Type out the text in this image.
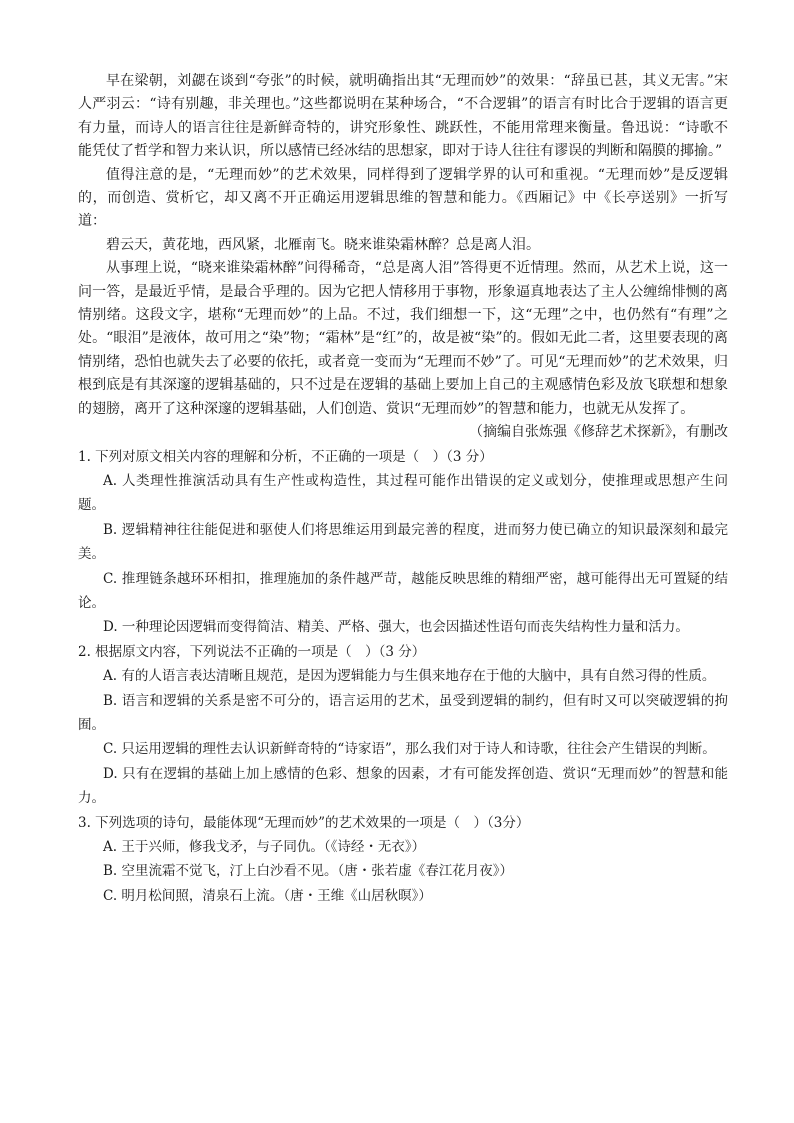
早在梁朝，刘勰在谈到“夸张”的时候，就明确指出其“无理而妙”的效果：“辞虽已甚，其义无害。”宋人严羽云：“诗有别趣，非关理也。”这些都说明在某种场合，“不合逻辑”的语言有时比合于逻辑的语言更有力量，而诗人的语言往往是新鲜奇特的，讲究形象性、跳跃性，不能用常理来衡量。鲁迅说：“诗歌不能凭仗了哲学和智力来认识，所以感情已经冰结的思想家，即对于诗人往往有谬误的判断和隔膜的揶揄。”

值得注意的是，“无理而妙”的艺术效果，同样得到了逻辑学界的认可和重视。“无理而妙”是反逻辑的，而创造、赏析它，却又离不开正确运用逻辑思维的智慧和能力。《西厢记》中《长亭送别》一折写道：

碧云天，黄花地，西风紧，北雁南飞。晓来谁染霜林醉？总是离人泪。

从事理上说，“晓来谁染霜林醉”问得稀奇，“总是离人泪”答得更不近情理。然而，从艺术上说，这一问一答，是最近乎情，是最合乎理的。因为它把人情移用于事物，形象逼真地表达了主人公缠绵悱恻的离情别绪。这段文字，堪称“无理而妙”的上品。不过，我们细想一下，这“无理”之中，也仍然有“有理”之处。“眼泪”是液体，故可用之“染”物；“霜林”是“红”的，故是被“染”的。假如无此二者，这里要表现的离情别绪，恐怕也就失去了必要的依托，或者竟一变而为“无理而不妙”了。可见“无理而妙”的艺术效果，归根到底是有其深邃的逻辑基础的，只不过是在逻辑的基础上要加上自己的主观感情色彩及放飞联想和想象的翅膀，离开了这种深邃的逻辑基础，人们创造、赏识“无理而妙”的智慧和能力，也就无从发挥了。

（摘编自张炼强《修辞艺术探新》，有删改

1. 下列对原文相关内容的理解和分析，不正确的一项是（　）（3 分）

A. 人类理性推演活动具有生产性或构造性，其过程可能作出错误的定义或划分，使推理或思想产生问题。

B. 逻辑精神往往能促进和驱使人们将思维运用到最完善的程度，进而努力使已确立的知识最深刻和最完美。

C. 推理链条越环环相扣，推理施加的条件越严苛，越能反映思维的精细严密，越可能得出无可置疑的结论。

D. 一种理论因逻辑而变得简洁、精美、严格、强大，也会因描述性语句而丧失结构性力量和活力。

2. 根据原文内容，下列说法不正确的一项是（　）（3 分）

A. 有的人语言表达清晰且规范，是因为逻辑能力与生俱来地存在于他的大脑中，具有自然习得的性质。

B. 语言和逻辑的关系是密不可分的，语言运用的艺术，虽受到逻辑的制约，但有时又可以突破逻辑的拘囿。

C. 只运用逻辑的理性去认识新鲜奇特的“诗家语”，那么我们对于诗人和诗歌，往往会产生错误的判断。

D. 只有在逻辑的基础上加上感情的色彩、想象的因素，才有可能发挥创造、赏识“无理而妙”的智慧和能力。

3. 下列选项的诗句，最能体现“无理而妙”的艺术效果的一项是（　）（3分）

A. 王于兴师，修我戈矛，与子同仇。（《诗经・无衣》）

B. 空里流霜不觉飞，汀上白沙看不见。（唐・张若虚《春江花月夜》）

C. 明月松间照，清泉石上流。（唐・王维《山居秋暝》）
